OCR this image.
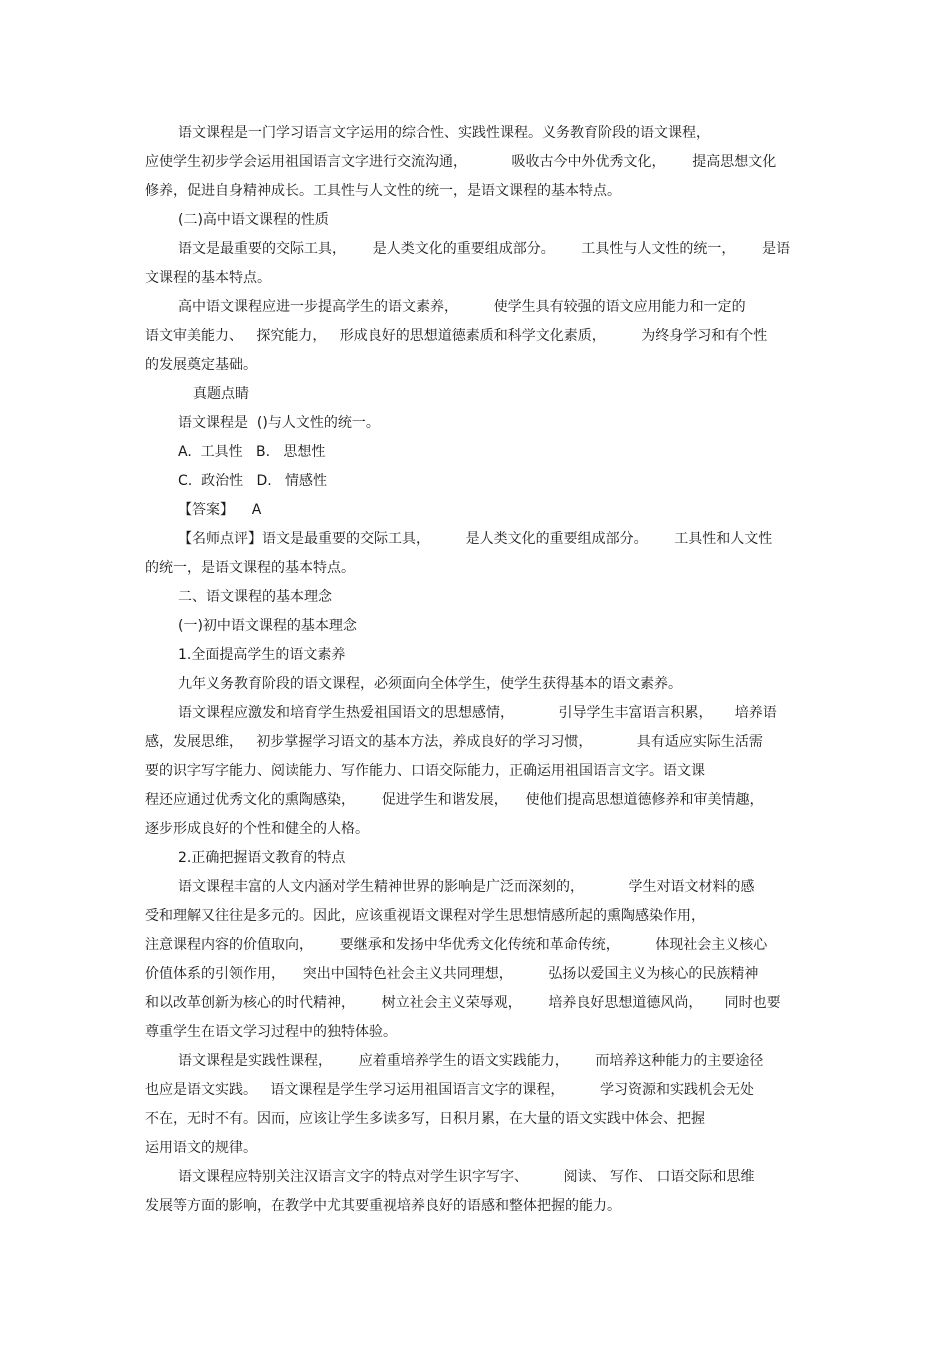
语文课程是一门学习语言文字运用的综合性、实践性课程。义务教育阶段的语文课程，
应使学生初步学会运用祖国语言文字进行交流沟通，          吸收古今中外优秀文化，      提高思想文化
修养，促进自身精神成长。工具性与人文性的统一，是语文课程的基本特点。
(二)高中语文课程的性质
语文是最重要的交际工具，      是人类文化的重要组成部分。      工具性与人文性的统一，      是语
文课程的基本特点。
高中语文课程应进一步提高学生的语文素养，        使学生具有较强的语文应用能力和一定的
语文审美能力、   探究能力，   形成良好的思想道德素质和科学文化素质，        为终身学习和有个性
的发展奠定基础。
真题点睛
语文课程是  ()与人文性的统一。
A.  工具性   B.   思想性
C.  政治性   D.   情感性
【答案】    A
【名师点评】语文是最重要的交际工具，        是人类文化的重要组成部分。      工具性和人文性
的统一，是语文课程的基本特点。
二、语文课程的基本理念
(一)初中语文课程的基本理念
1.全面提高学生的语文素养
九年义务教育阶段的语文课程，必须面向全体学生，使学生获得基本的语文素养。
语文课程应激发和培育学生热爱祖国语文的思想感情，          引导学生丰富语言积累，     培养语
感，发展思维，   初步掌握学习语文的基本方法，养成良好的学习习惯，          具有适应实际生活需
要的识字写字能力、阅读能力、写作能力、口语交际能力，正确运用祖国语言文字。语文课
程还应通过优秀文化的熏陶感染，      促进学生和谐发展，    使他们提高思想道德修养和审美情趣，
逐步形成良好的个性和健全的人格。
2.正确把握语文教育的特点
语文课程丰富的人文内涵对学生精神世界的影响是广泛而深刻的，          学生对语文材料的感
受和理解又往往是多元的。因此，应该重视语文课程对学生思想情感所起的熏陶感染作用，
注意课程内容的价值取向，      要继承和发扬中华优秀文化传统和革命传统，        体现社会主义核心
价值体系的引领作用，    突出中国特色社会主义共同理想，        弘扬以爱国主义为核心的民族精神
和以改革创新为核心的时代精神，      树立社会主义荣辱观，      培养良好思想道德风尚，     同时也要
尊重学生在语文学习过程中的独特体验。
语文课程是实践性课程，      应着重培养学生的语文实践能力，      而培养这种能力的主要途径
也应是语文实践。   语文课程是学生学习运用祖国语言文字的课程，        学习资源和实践机会无处
不在，无时不有。因而，应该让学生多读多写，日积月累，在大量的语文实践中体会、把握
运用语文的规律。
语文课程应特别关注汉语言文字的特点对学生识字写字、        阅读、 写作、 口语交际和思维
发展等方面的影响，在教学中尤其要重视培养良好的语感和整体把握的能力。
